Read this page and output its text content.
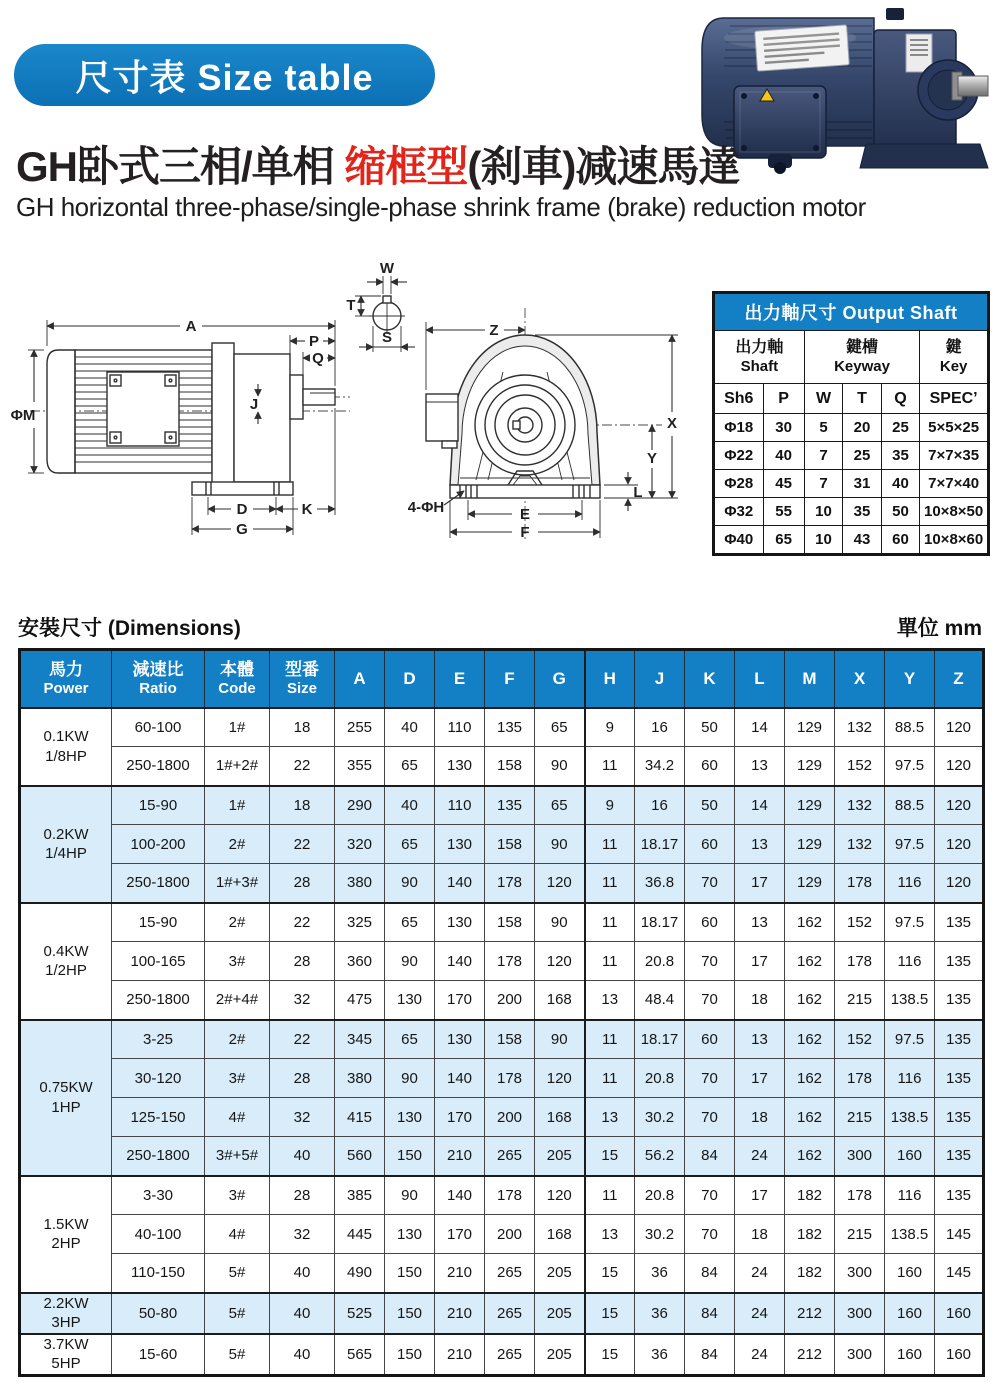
尺寸表 Size table
GH卧式三相/单相 缩框型(刹車)减速馬達
GH horizontal three-phase/single-phase shrink frame (brake) reduction motor
A
P
Q
ΦM
J
D	K
G
W
T
S	Z
X
Y
L
E
F
4-ΦH
出力軸尺寸 Output Shaft					

出力軸
Shaft

鍵槽
Keyway

鍵
Key

Sh6	P	W	T	Q	SPEC’
Φ18	30	5	20	25	5×5×25
Φ22	40	7	25	35	7×7×35
Φ28	45	7	31	40	7×7×40
Φ32	55	10	35	50	10×8×50
Φ40	65	10	43	60	10×8×60
安裝尺寸 (Dimensions)	單位 mm
馬力
Power

減速比
Ratio

本體
Code

型番
Size
	A	D	E	F	G	H	J	K	L	M	X	Y	Z

0.1KW
1/8HP	60-100	1#	18	255	40	110	135	65	9	16	50	14	129	132	88.5	120
	250-1800	1#+2#	22	355	65	130	158	90	11	34.2	60	13	129	152	97.5	120

0.2KW
1/4HP	15-90	1#	18	290	40	110	135	65	9	16	50	14	129	132	88.5	120
	100-200	2#	22	320	65	130	158	90	11	18.17	60	13	129	132	97.5	120
	250-1800	1#+3#	28	380	90	140	178	120	11	36.8	70	17	129	178	116	120

0.4KW
1/2HP	15-90	2#	22	325	65	130	158	90	11	18.17	60	13	162	152	97.5	135
	100-165	3#	28	360	90	140	178	120	11	20.8	70	17	162	178	116	135
	250-1800	2#+4#	32	475	130	170	200	168	13	48.4	70	18	162	215	138.5	135

0.75KW
1HP	3-25	2#	22	345	65	130	158	90	11	18.17	60	13	162	152	97.5	135
	30-120	3#	28	380	90	140	178	120	11	20.8	70	17	162	178	116	135
	125-150	4#	32	415	130	170	200	168	13	30.2	70	18	162	215	138.5	135
	250-1800	3#+5#	40	560	150	210	265	205	15	56.2	84	24	162	300	160	135

1.5KW
2HP	3-30	3#	28	385	90	140	178	120	11	20.8	70	17	182	178	116	135
	40-100	4#	32	445	130	170	200	168	13	30.2	70	18	182	215	138.5	145
	110-150	5#	40	490	150	210	265	205	15	36	84	24	182	300	160	145

2.2KW
3HP	50-80	5#	40	525	150	210	265	205	15	36	84	24	212	300	160	160

3.7KW
5HP	15-60	5#	40	565	150	210	265	205	15	36	84	24	212	300	160	160
